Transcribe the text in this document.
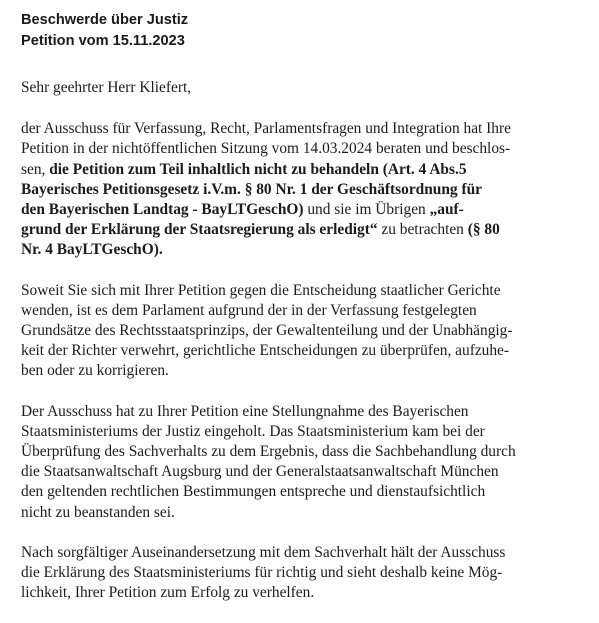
Beschwerde über Justiz
Petition vom 15.11.2023

Sehr geehrter Herr Kliefert,

der Ausschuss für Verfassung, Recht, Parlamentsfragen und Integration hat Ihre
Petition in der nichtöffentlichen Sitzung vom 14.03.2024 beraten und beschlos-
sen, die Petition zum Teil inhaltlich nicht zu behandeln (Art. 4 Abs.5
Bayerisches Petitionsgesetz i.V.m. § 80 Nr. 1 der Geschäftsordnung für
den Bayerischen Landtag - BayLTGeschO) und sie im Übrigen „auf-
grund der Erklärung der Staatsregierung als erledigt“ zu betrachten (§ 80
Nr. 4 BayLTGeschO).

Soweit Sie sich mit Ihrer Petition gegen die Entscheidung staatlicher Gerichte
wenden, ist es dem Parlament aufgrund der in der Verfassung festgelegten
Grundsätze des Rechtsstaatsprinzips, der Gewaltenteilung und der Unabhängig-
keit der Richter verwehrt, gerichtliche Entscheidungen zu überprüfen, aufzuhe-
ben oder zu korrigieren.

Der Ausschuss hat zu Ihrer Petition eine Stellungnahme des Bayerischen
Staatsministeriums der Justiz eingeholt. Das Staatsministerium kam bei der
Überprüfung des Sachverhalts zu dem Ergebnis, dass die Sachbehandlung durch
die Staatsanwaltschaft Augsburg und der Generalstaatsanwaltschaft München
den geltenden rechtlichen Bestimmungen entspreche und dienstaufsichtlich
nicht zu beanstanden sei.

Nach sorgfältiger Auseinandersetzung mit dem Sachverhalt hält der Ausschuss
die Erklärung des Staatsministeriums für richtig und sieht deshalb keine Mög-
lichkeit, Ihrer Petition zum Erfolg zu verhelfen.
